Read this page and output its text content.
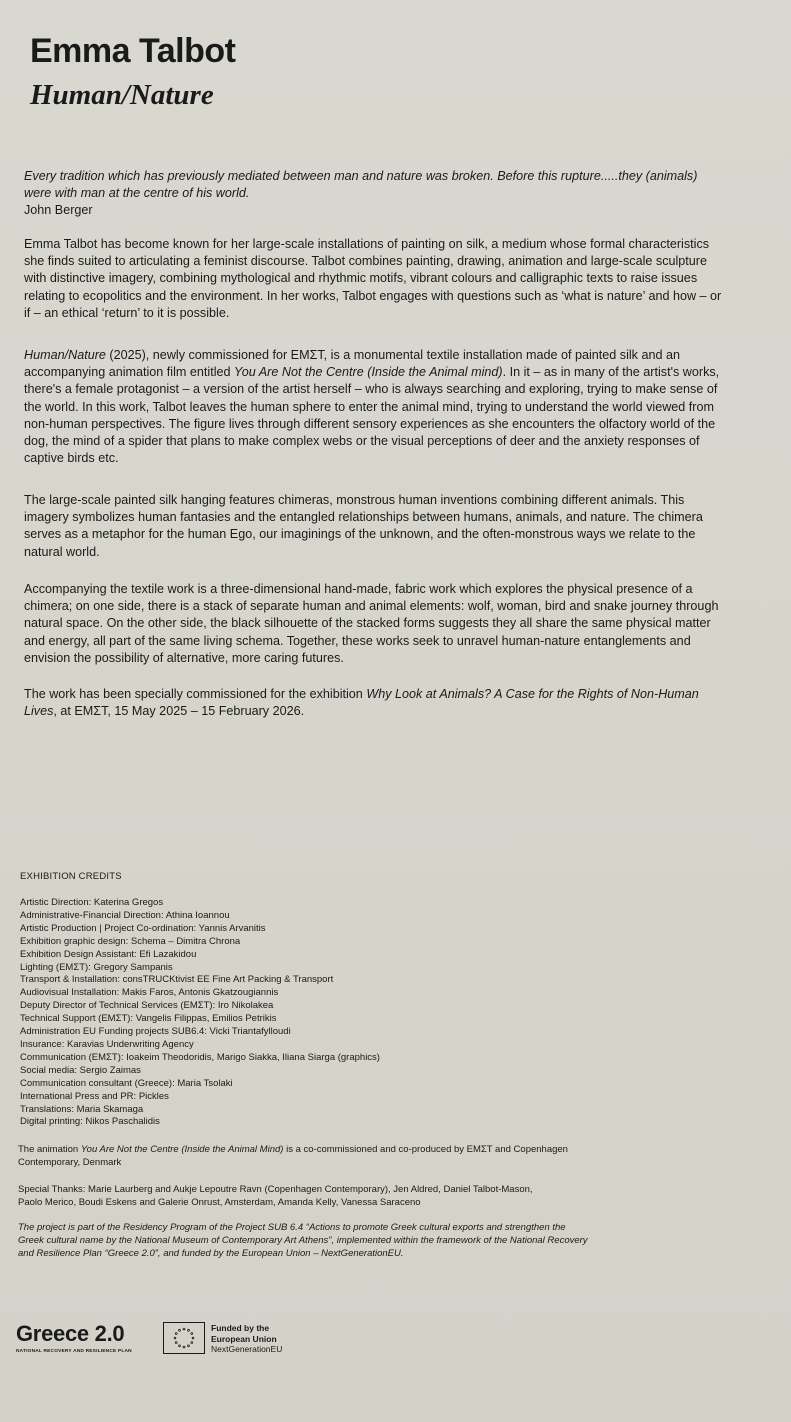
Emma Talbot
Human/Nature

Every tradition which has previously mediated between man and nature was broken. Before this rupture.....they (animals) were with man at the centre of his world.
John Berger

Emma Talbot has become known for her large-scale installations of painting on silk, a medium whose formal characteristics she finds suited to articulating a feminist discourse. Talbot combines painting, drawing, animation and large-scale sculpture with distinctive imagery, combining mythological and rhythmic motifs, vibrant colours and calligraphic texts to raise issues relating to ecopolitics and the environment. In her works, Talbot engages with questions such as ‘what is nature’ and how – or if – an ethical ‘return’ to it is possible.

Human/Nature (2025), newly commissioned for ΕΜΣΤ, is a monumental textile installation made of painted silk and an accompanying animation film entitled You Are Not the Centre (Inside the Animal mind). In it – as in many of the artist's works, there's a female protagonist – a version of the artist herself – who is always searching and exploring, trying to make sense of the world. In this work, Talbot leaves the human sphere to enter the animal mind, trying to understand the world viewed from non-human perspectives. The figure lives through different sensory experiences as she encounters the olfactory world of the dog, the mind of a spider that plans to make complex webs or the visual perceptions of deer and the anxiety responses of captive birds etc.

The large-scale painted silk hanging features chimeras, monstrous human inventions combining different animals. This imagery symbolizes human fantasies and the entangled relationships between humans, animals, and nature. The chimera serves as a metaphor for the human Ego, our imaginings of the unknown, and the often-monstrous ways we relate to the natural world.

Accompanying the textile work is a three-dimensional hand-made, fabric work which explores the physical presence of a chimera; on one side, there is a stack of separate human and animal elements: wolf, woman, bird and snake journey through natural space. On the other side, the black silhouette of the stacked forms suggests they all share the same physical matter and energy, all part of the same living schema. Together, these works seek to unravel human-nature entanglements and envision the possibility of alternative, more caring futures.

The work has been specially commissioned for the exhibition Why Look at Animals? A Case for the Rights of Non-Human Lives, at ΕΜΣΤ, 15 May 2025 – 15 February 2026.

EXHIBITION CREDITS

Artistic Direction: Katerina Gregos
Administrative-Financial Direction: Athina Ioannou
Artistic Production | Project Co-ordination: Yannis Arvanitis
Exhibition graphic design: Schema – Dimitra Chrona
Exhibition Design Assistant: Efi Lazakidou
Lighting (ΕΜΣΤ): Gregory Sampanis
Transport & Installation: consTRUCKtivist EE Fine Art Packing & Transport
Audiovisual Installation: Makis Faros, Antonis Gkatzougiannis
Deputy Director of Technical Services (ΕΜΣΤ): Iro Nikolakea
Technical Support (ΕΜΣΤ): Vangelis Filippas, Emilios Petrikis
Administration EU Funding projects SUB6.4: Vicki Triantafylloudi
Insurance: Karavias Underwriting Agency
Communication (ΕΜΣΤ): Ioakeim Theodoridis, Marigo Siakka, Iliana Siarga (graphics)
Social media: Sergio Zaimas
Communication consultant (Greece): Maria Tsolaki
International Press and PR: Pickles
Translations: Maria Skamaga
Digital printing: Nikos Paschalidis

The animation You Are Not the Centre (Inside the Animal Mind) is a co-commissioned and co-produced by ΕΜΣΤ and Copenhagen Contemporary, Denmark

Special Thanks: Marie Laurberg and Aukje Lepoutre Ravn (Copenhagen Contemporary), Jen Aldred, Daniel Talbot-Mason, Paolo Merico, Boudi Eskens and Galerie Onrust, Amsterdam, Amanda Kelly, Vanessa Saraceno

The project is part of the Residency Program of the Project SUB 6.4 “Actions to promote Greek cultural exports and strengthen the Greek cultural name by the National Museum of Contemporary Art Athens”, implemented within the framework of the National Recovery and Resilience Plan “Greece 2.0”, and funded by the European Union – NextGenerationEU.

Greece 2.0
NATIONAL RECOVERY AND RESILIENCE PLAN
Funded by the
European Union
NextGenerationEU
